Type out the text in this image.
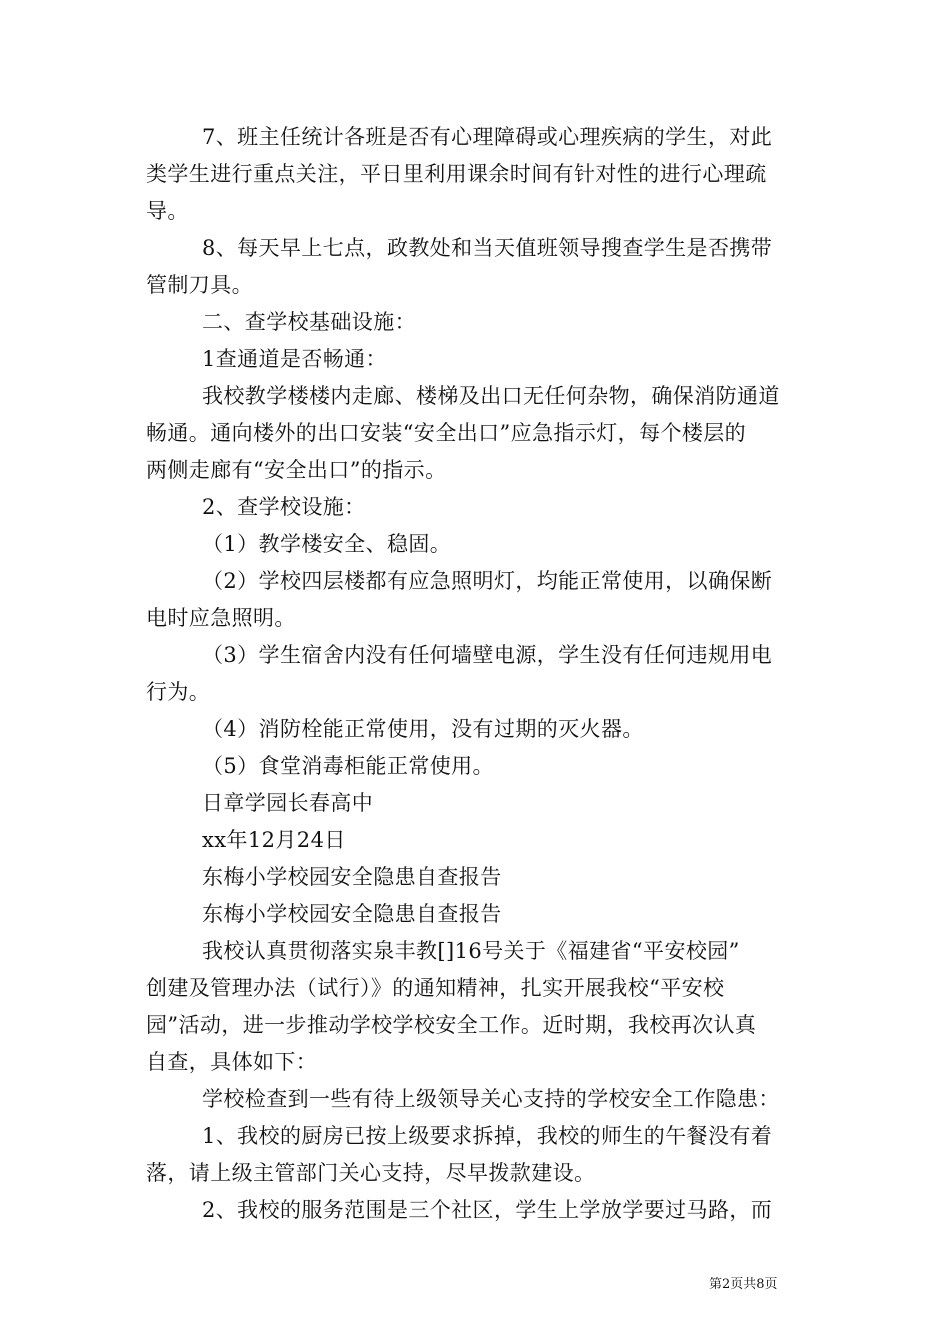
7、班主任统计各班是否有心理障碍或心理疾病的学生，对此
类学生进行重点关注，平日里利用课余时间有针对性的进行心理疏
导。
8、每天早上七点，政教处和当天值班领导搜查学生是否携带
管制刀具。
二、查学校基础设施：
1查通道是否畅通：
我校教学楼楼内走廊、楼梯及出口无任何杂物，确保消防通道
畅通。通向楼外的出口安装“安全出口”应急指示灯，每个楼层的
两侧走廊有“安全出口”的指示。
2、查学校设施：
（1）教学楼安全、稳固。
（2）学校四层楼都有应急照明灯，均能正常使用，以确保断
电时应急照明。
（3）学生宿舍内没有任何墙壁电源，学生没有任何违规用电
行为。
（4）消防栓能正常使用，没有过期的灭火器。
（5）食堂消毒柜能正常使用。
日章学园长春高中
xx年12月24日
东梅小学校园安全隐患自查报告
东梅小学校园安全隐患自查报告
我校认真贯彻落实泉丰教[]16号关于《福建省“平安校园”
创建及管理办法（试行）》的通知精神，扎实开展我校“平安校
园”活动，进一步推动学校学校安全工作。近时期，我校再次认真
自查，具体如下：
学校检查到一些有待上级领导关心支持的学校安全工作隐患：
1、我校的厨房已按上级要求拆掉，我校的师生的午餐没有着
落，请上级主管部门关心支持，尽早拨款建设。
2、我校的服务范围是三个社区，学生上学放学要过马路，而
第2页共8页
